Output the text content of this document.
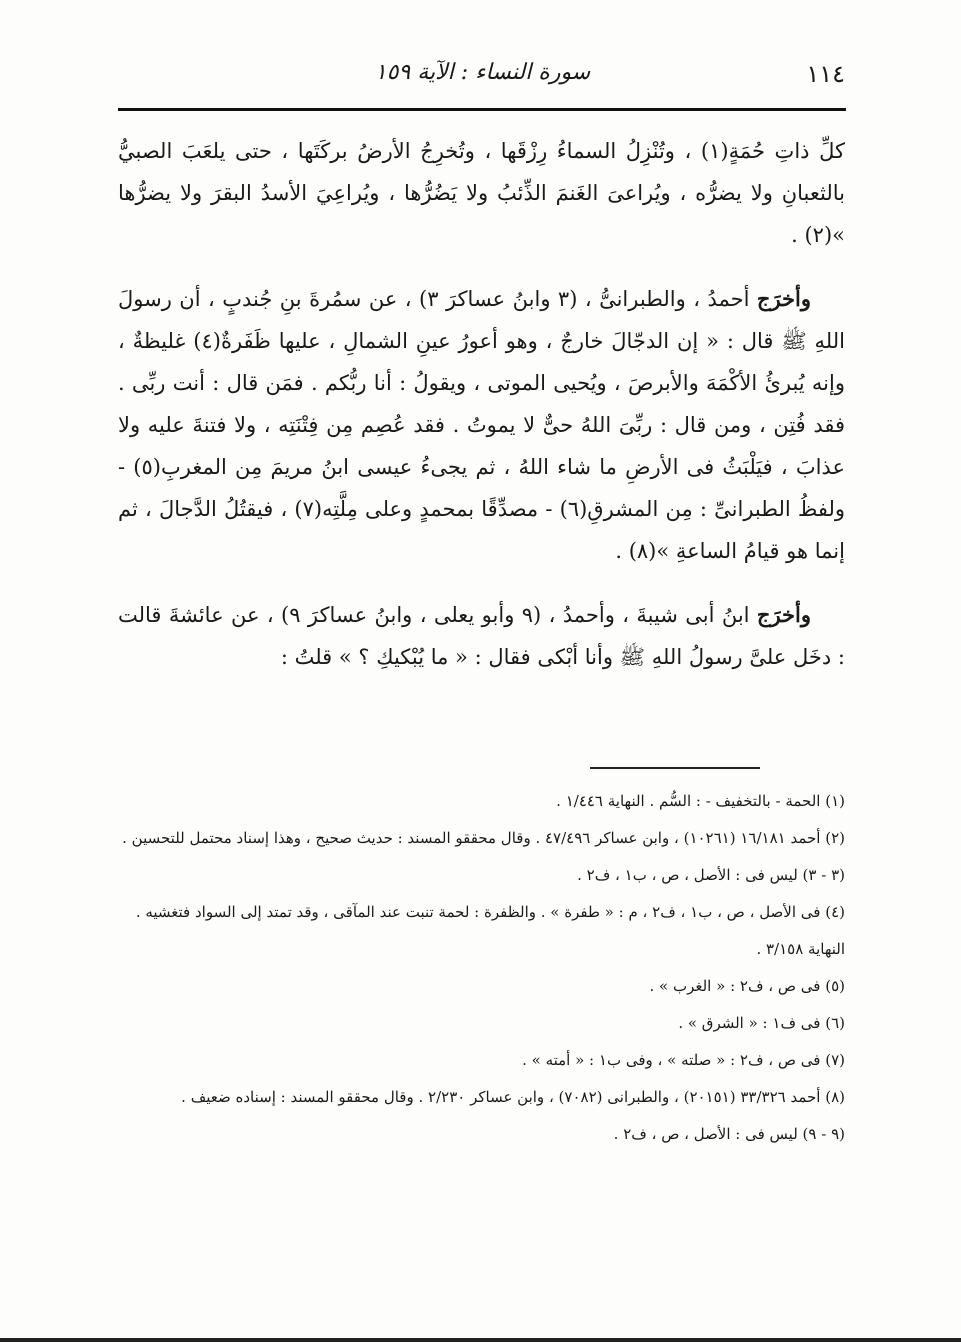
١١٤
سورة النساء : الآية ١٥٩

كلِّ ذاتِ حُمَةٍ(١) ، وتُنْزِلُ السماءُ رِزْقَها ، وتُخرِجُ الأرضُ بركَتَها ، حتى يلعَبَ الصبيُّ بالثعبانِ ولا يضرُّه ، ويُراعىَ الغَنمَ الذِّئبُ ولا يَضُرُّها ، ويُراعِيَ الأسدُ البقرَ ولا يضرُّها »(٢) .

وأخرَج أحمدُ ، والطبرانىُّ ، (٣ وابنُ عساكرَ ٣) ، عن سمُرةَ بنِ جُندبٍ ، أن رسولَ اللهِ ﷺ قال : « إن الدجّالَ خارجٌ ، وهو أعورُ عينِ الشمالِ ، عليها ظَفَرةٌ(٤) غليظةٌ ، وإنه يُبرئُ الأكْمَهَ والأبرصَ ، ويُحيى الموتى ، ويقولُ : أنا ربُّكم . فمَن قال : أنت ربِّى . فقد فُتِن ، ومن قال : ربِّىَ اللهُ حىٌّ لا يموتُ . فقد عُصِم مِن فِتْنَتِه ، ولا فتنةَ عليه ولا عذابَ ، فيَلْبَثُ فى الأرضِ ما شاء اللهُ ، ثم يجىءُ عيسى ابنُ مريمَ مِن المغربِ(٥) - ولفظُ الطبرانىِّ : مِن المشرقِ(٦) - مصدِّقًا بمحمدٍ وعلى مِلَّتِه(٧) ، فيقتُلُ الدَّجالَ ، ثم إنما هو قيامُ الساعةِ »(٨) .

وأخرَج ابنُ أبى شيبةَ ، وأحمدُ ، (٩ وأبو يعلى ، وابنُ عساكرَ ٩) ، عن عائشةَ قالت : دخَل علىَّ رسولُ اللهِ ﷺ وأنا أبْكى فقال : « ما يُبْكيكِ ؟ » قلتُ :

(١) الحمة - بالتخفيف - : السُّم . النهاية ١/٤٤٦ .

(٢) أحمد ١٦/١٨١ (١٠٢٦١) ، وابن عساكر ٤٧/٤٩٦ . وقال محققو المسند : حديث صحيح ، وهذا إسناد محتمل للتحسين .

(٣ - ٣) ليس فى : الأصل ، ص ، ب١ ، ف٢ .

(٤) فى الأصل ، ص ، ب١ ، ف٢ ، م : « طفرة » . والظفرة : لحمة تنبت عند المآقى ، وقد تمتد إلى السواد فتغشيه . النهاية ٣/١٥٨ .

(٥) فى ص ، ف٢ : « الغرب » .

(٦) فى ف١ : « الشرق » .

(٧) فى ص ، ف٢ : « صلته » ، وفى ب١ : « أمته » .

(٨) أحمد ٣٣/٣٢٦ (٢٠١٥١) ، والطبرانى (٧٠٨٢) ، وابن عساكر ٢/٢٣٠ . وقال محققو المسند : إسناده ضعيف .

(٩ - ٩) ليس فى : الأصل ، ص ، ف٢ .
